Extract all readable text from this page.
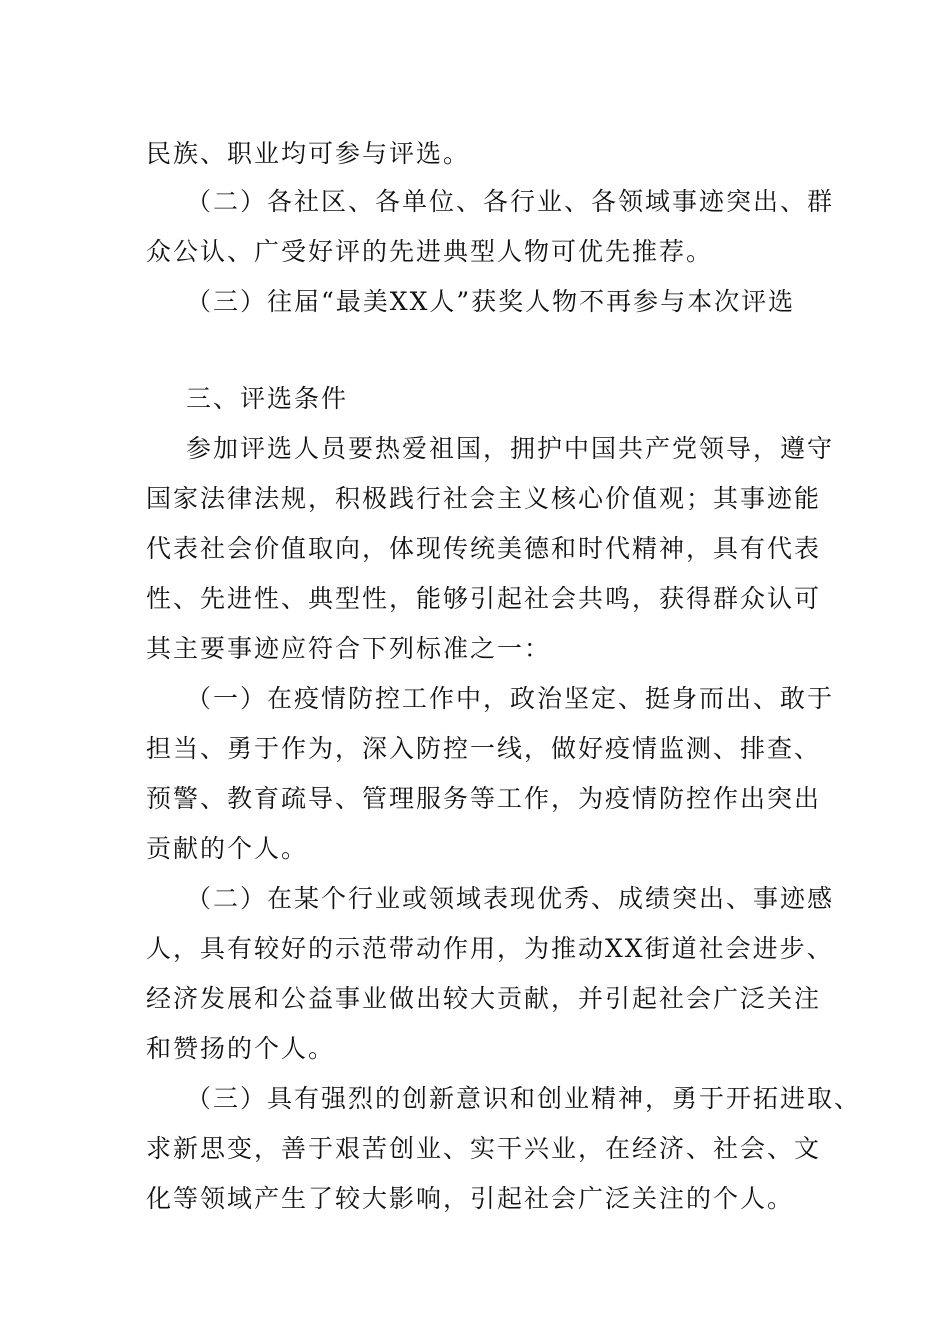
民族、职业均可参与评选。
（二）各社区、各单位、各行业、各领域事迹突出、群
众公认、广受好评的先进典型人物可优先推荐。
（三）往届“最美XX人”获奖人物不再参与本次评选
三、评选条件
参加评选人员要热爱祖国，拥护中国共产党领导，遵守
国家法律法规，积极践行社会主义核心价值观；其事迹能
代表社会价值取向，体现传统美德和时代精神，具有代表
性、先进性、典型性，能够引起社会共鸣，获得群众认可
其主要事迹应符合下列标准之一：
（一）在疫情防控工作中，政治坚定、挺身而出、敢于
担当、勇于作为，深入防控一线，做好疫情监测、排查、
预警、教育疏导、管理服务等工作，为疫情防控作出突出
贡献的个人。
（二）在某个行业或领域表现优秀、成绩突出、事迹感
人，具有较好的示范带动作用，为推动XX街道社会进步、
经济发展和公益事业做出较大贡献，并引起社会广泛关注
和赞扬的个人。
（三）具有强烈的创新意识和创业精神，勇于开拓进取、
求新思变，善于艰苦创业、实干兴业，在经济、社会、文
化等领域产生了较大影响，引起社会广泛关注的个人。
